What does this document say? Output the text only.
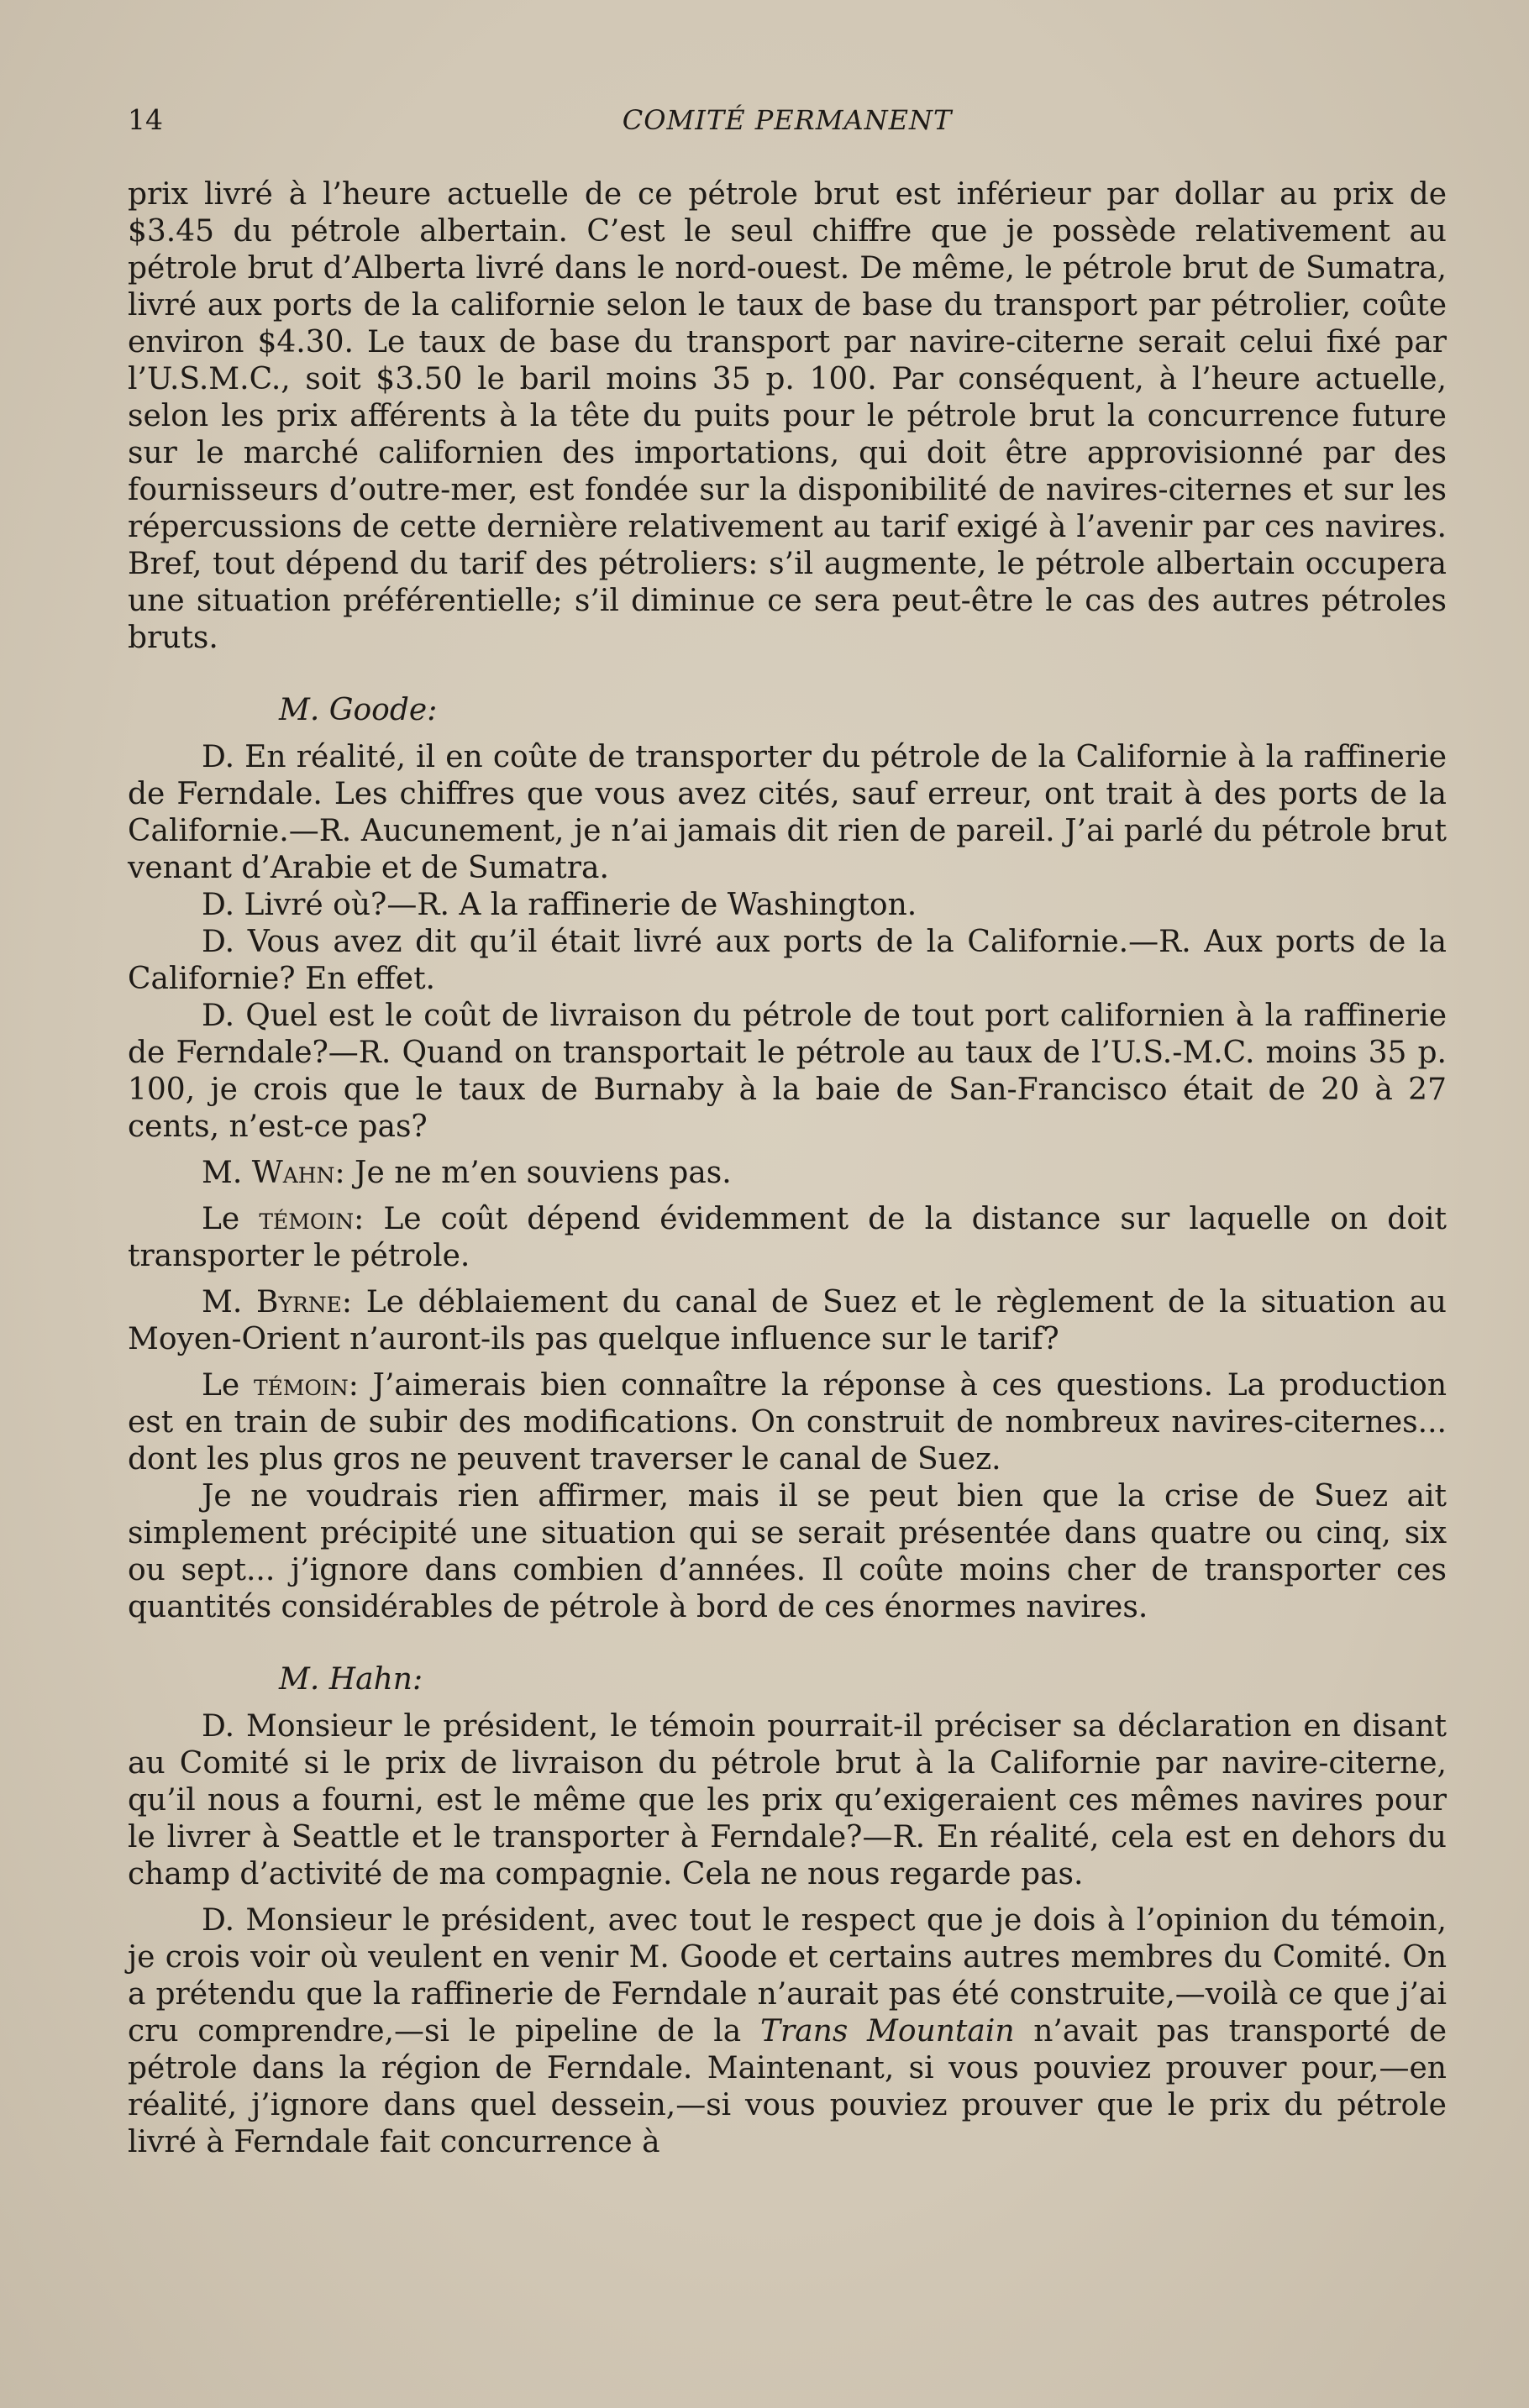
14	COMITÉ PERMANENT

prix livré à l’heure actuelle de ce pétrole brut est inférieur par dollar au prix de $3.45 du pétrole albertain. C’est le seul chiffre que je possède relativement au pétrole brut d’Alberta livré dans le nord-ouest. De même, le pétrole brut de Sumatra, livré aux ports de la californie selon le taux de base du transport par pétrolier, coûte environ $4.30. Le taux de base du transport par navire-citerne serait celui fixé par l’U.S.M.C., soit $3.50 le baril moins 35 p. 100. Par conséquent, à l’heure actuelle, selon les prix afférents à la tête du puits pour le pétrole brut la concurrence future sur le marché californien des importations, qui doit être approvisionné par des fournisseurs d’outre-mer, est fondée sur la disponibilité de navires-citernes et sur les répercussions de cette dernière relativement au tarif exigé à l’avenir par ces navires. Bref, tout dépend du tarif des pétroliers: s’il augmente, le pétrole albertain occupera une situation préférentielle; s’il diminue ce sera peut-être le cas des autres pétroles bruts.

M. Goode:

D. En réalité, il en coûte de transporter du pétrole de la Californie à la raffinerie de Ferndale. Les chiffres que vous avez cités, sauf erreur, ont trait à des ports de la Californie.—R. Aucunement, je n’ai jamais dit rien de pareil. J’ai parlé du pétrole brut venant d’Arabie et de Sumatra.

D. Livré où?—R. A la raffinerie de Washington.

D. Vous avez dit qu’il était livré aux ports de la Californie.—R. Aux ports de la Californie? En effet.

D. Quel est le coût de livraison du pétrole de tout port californien à la raffinerie de Ferndale?—R. Quand on transportait le pétrole au taux de l’U.S.-M.C. moins 35 p. 100, je crois que le taux de Burnaby à la baie de San-Francisco était de 20 à 27 cents, n’est-ce pas?

M. Wahn: Je ne m’en souviens pas.

Le témoin: Le coût dépend évidemment de la distance sur laquelle on doit transporter le pétrole.

M. Byrne: Le déblaiement du canal de Suez et le règlement de la situation au Moyen-Orient n’auront-ils pas quelque influence sur le tarif?

Le témoin: J’aimerais bien connaître la réponse à ces questions. La production est en train de subir des modifications. On construit de nombreux navires-citernes... dont les plus gros ne peuvent traverser le canal de Suez.

Je ne voudrais rien affirmer, mais il se peut bien que la crise de Suez ait simplement précipité une situation qui se serait présentée dans quatre ou cinq, six ou sept... j’ignore dans combien d’années. Il coûte moins cher de transporter ces quantités considérables de pétrole à bord de ces énormes navires.

M. Hahn:

D. Monsieur le président, le témoin pourrait-il préciser sa déclaration en disant au Comité si le prix de livraison du pétrole brut à la Californie par navire-citerne, qu’il nous a fourni, est le même que les prix qu’exigeraient ces mêmes navires pour le livrer à Seattle et le transporter à Ferndale?—R. En réalité, cela est en dehors du champ d’activité de ma compagnie. Cela ne nous regarde pas.

D. Monsieur le président, avec tout le respect que je dois à l’opinion du témoin, je crois voir où veulent en venir M. Goode et certains autres membres du Comité. On a prétendu que la raffinerie de Ferndale n’aurait pas été construite,—voilà ce que j’ai cru comprendre,—si le pipeline de la Trans Mountain n’avait pas transporté de pétrole dans la région de Ferndale. Maintenant, si vous pouviez prouver pour,—en réalité, j’ignore dans quel dessein,—si vous pouviez prouver que le prix du pétrole livré à Ferndale fait concurrence à
